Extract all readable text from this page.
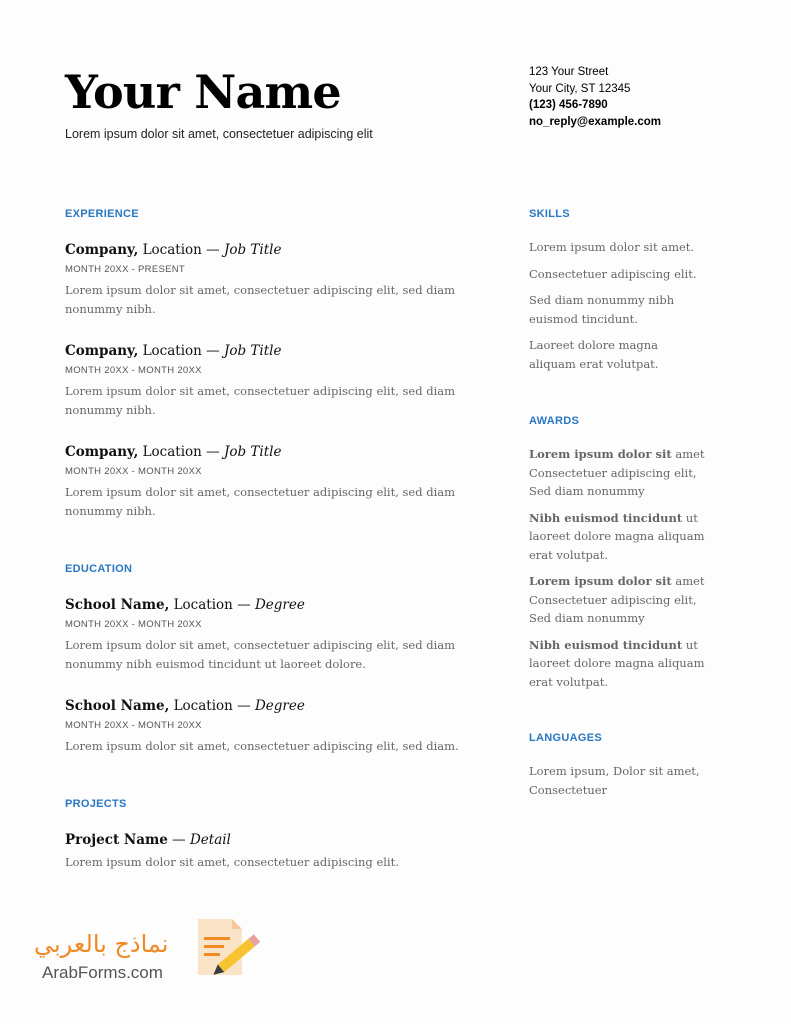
Your Name
Lorem ipsum dolor sit amet, consectetuer adipiscing elit
123 Your Street
Your City, ST 12345
(123) 456-7890
no_reply@example.com
EXPERIENCE
Company, Location — Job Title
MONTH 20XX - PRESENT
Lorem ipsum dolor sit amet, consectetuer adipiscing elit, sed diam nonummy nibh.
Company, Location — Job Title
MONTH 20XX - MONTH 20XX
Lorem ipsum dolor sit amet, consectetuer adipiscing elit, sed diam nonummy nibh.
Company, Location — Job Title
MONTH 20XX - MONTH 20XX
Lorem ipsum dolor sit amet, consectetuer adipiscing elit, sed diam nonummy nibh.
EDUCATION
School Name, Location — Degree
MONTH 20XX - MONTH 20XX
Lorem ipsum dolor sit amet, consectetuer adipiscing elit, sed diam nonummy nibh euismod tincidunt ut laoreet dolore.
School Name, Location — Degree
MONTH 20XX - MONTH 20XX
Lorem ipsum dolor sit amet, consectetuer adipiscing elit, sed diam.
PROJECTS
Project Name — Detail
Lorem ipsum dolor sit amet, consectetuer adipiscing elit.
SKILLS
Lorem ipsum dolor sit amet.
Consectetuer adipiscing elit.
Sed diam nonummy nibh euismod tincidunt.
Laoreet dolore magna aliquam erat volutpat.
AWARDS
Lorem ipsum dolor sit amet Consectetuer adipiscing elit, Sed diam nonummy
Nibh euismod tincidunt ut laoreet dolore magna aliquam erat volutpat.
Lorem ipsum dolor sit amet Consectetuer adipiscing elit, Sed diam nonummy
Nibh euismod tincidunt ut laoreet dolore magna aliquam erat volutpat.
LANGUAGES
Lorem ipsum, Dolor sit amet, Consectetuer
نماذج بالعربي
ArabForms.com
